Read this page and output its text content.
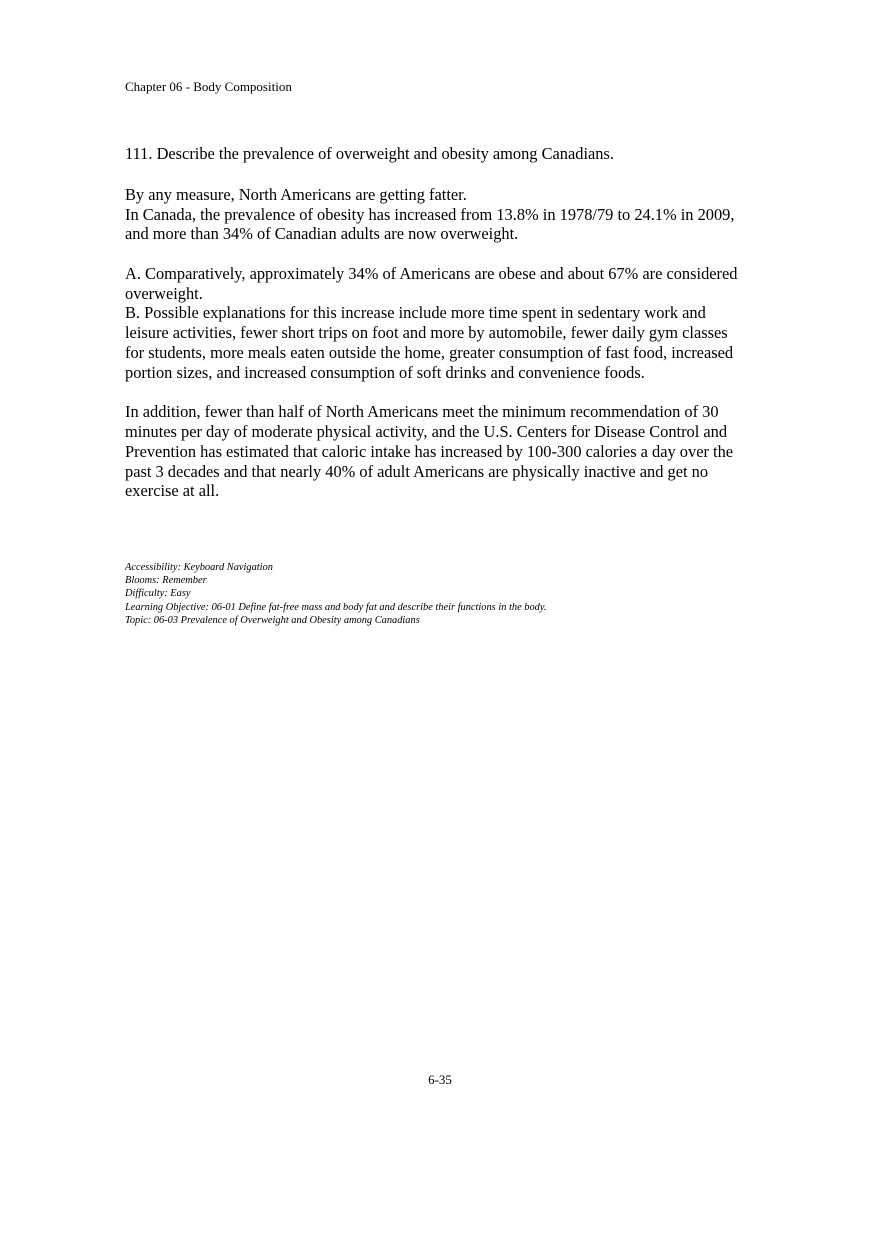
Chapter 06 - Body Composition

111. Describe the prevalence of overweight and obesity among Canadians.

By any measure, North Americans are getting fatter.
In Canada, the prevalence of obesity has increased from 13.8% in 1978/79 to 24.1% in 2009,
and more than 34% of Canadian adults are now overweight.

A. Comparatively, approximately 34% of Americans are obese and about 67% are considered
overweight.
B. Possible explanations for this increase include more time spent in sedentary work and
leisure activities, fewer short trips on foot and more by automobile, fewer daily gym classes
for students, more meals eaten outside the home, greater consumption of fast food, increased
portion sizes, and increased consumption of soft drinks and convenience foods.

In addition, fewer than half of North Americans meet the minimum recommendation of 30
minutes per day of moderate physical activity, and the U.S. Centers for Disease Control and
Prevention has estimated that caloric intake has increased by 100-300 calories a day over the
past 3 decades and that nearly 40% of adult Americans are physically inactive and get no
exercise at all.

Accessibility: Keyboard Navigation
Blooms: Remember
Difficulty: Easy
Learning Objective: 06-01 Define fat-free mass and body fat and describe their functions in the body.
Topic: 06-03 Prevalence of Overweight and Obesity among Canadians
6-35
